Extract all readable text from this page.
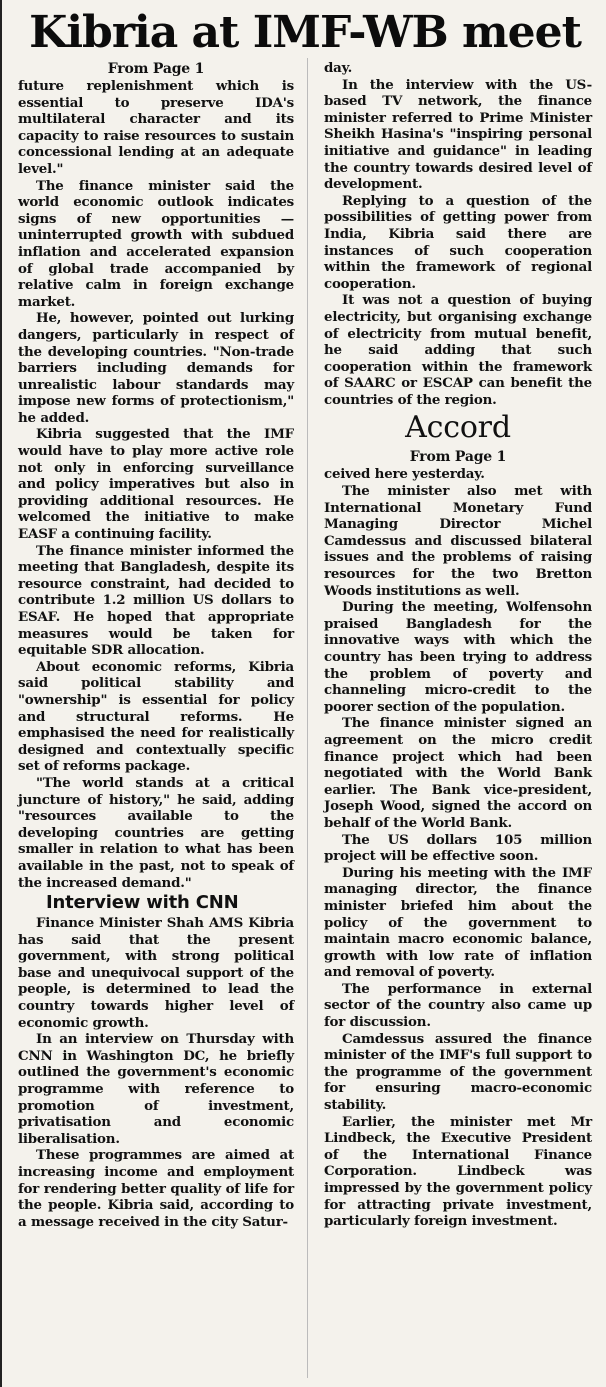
Kibria at IMF-WB meet

From Page 1

future replenishment which is essential to preserve IDA's multilateral character and its capacity to raise resources to sustain concessional lending at an adequate level."

The finance minister said the world economic outlook indicates signs of new opportunities — uninterrupted growth with subdued inflation and accelerated expansion of global trade accompanied by relative calm in foreign exchange market.

He, however, pointed out lurking dangers, particularly in respect of the developing countries. "Non-trade barriers including demands for unrealistic labour standards may impose new forms of protectionism," he added.

Kibria suggested that the IMF would have to play more active role not only in enforcing surveillance and policy imperatives but also in providing additional resources. He welcomed the initiative to make EASF a continuing facility.

The finance minister informed the meeting that Bangladesh, despite its resource constraint, had decided to contribute 1.2 million US dollars to ESAF. He hoped that appropriate measures would be taken for equitable SDR allocation.

About economic reforms, Kibria said political stability and "ownership" is essential for policy and structural reforms. He emphasised the need for realistically designed and contextually specific set of reforms package.

"The world stands at a critical juncture of history," he said, adding "resources available to the developing countries are getting smaller in relation to what has been available in the past, not to speak of the increased demand."

Interview with CNN

Finance Minister Shah AMS Kibria has said that the present government, with strong political base and unequivocal support of the people, is determined to lead the country towards higher level of economic growth.

In an interview on Thursday with CNN in Washington DC, he briefly outlined the government's economic programme with reference to promotion of investment, privatisation and economic liberalisation.

These programmes are aimed at increasing income and employment for rendering better quality of life for the people. Kibria said, according to a message received in the city Satur-

day.

In the interview with the US-based TV network, the finance minister referred to Prime Minister Sheikh Hasina's "inspiring personal initiative and guidance" in leading the country towards desired level of development.

Replying to a question of the possibilities of getting power from India, Kibria said there are instances of such cooperation within the framework of regional cooperation.

It was not a question of buying electricity, but organising exchange of electricity from mutual benefit, he said adding that such cooperation within the framework of SAARC or ESCAP can benefit the countries of the region.

Accord

From Page 1

ceived here yesterday.

The minister also met with International Monetary Fund Managing Director Michel Camdessus and discussed bilateral issues and the problems of raising resources for the two Bretton Woods institutions as well.

During the meeting, Wolfensohn praised Bangladesh for the innovative ways with which the country has been trying to address the problem of poverty and channeling micro-credit to the poorer section of the population.

The finance minister signed an agreement on the micro credit finance project which had been negotiated with the World Bank earlier. The Bank vice-president, Joseph Wood, signed the accord on behalf of the World Bank.

The US dollars 105 million project will be effective soon.

During his meeting with the IMF managing director, the finance minister briefed him about the policy of the government to maintain macro economic balance, growth with low rate of inflation and removal of poverty.

The performance in external sector of the country also came up for discussion.

Camdessus assured the finance minister of the IMF's full support to the programme of the government for ensuring macro-economic stability.

Earlier, the minister met Mr Lindbeck, the Executive President of the International Finance Corporation. Lindbeck was impressed by the government policy for attracting private investment, particularly foreign investment.
